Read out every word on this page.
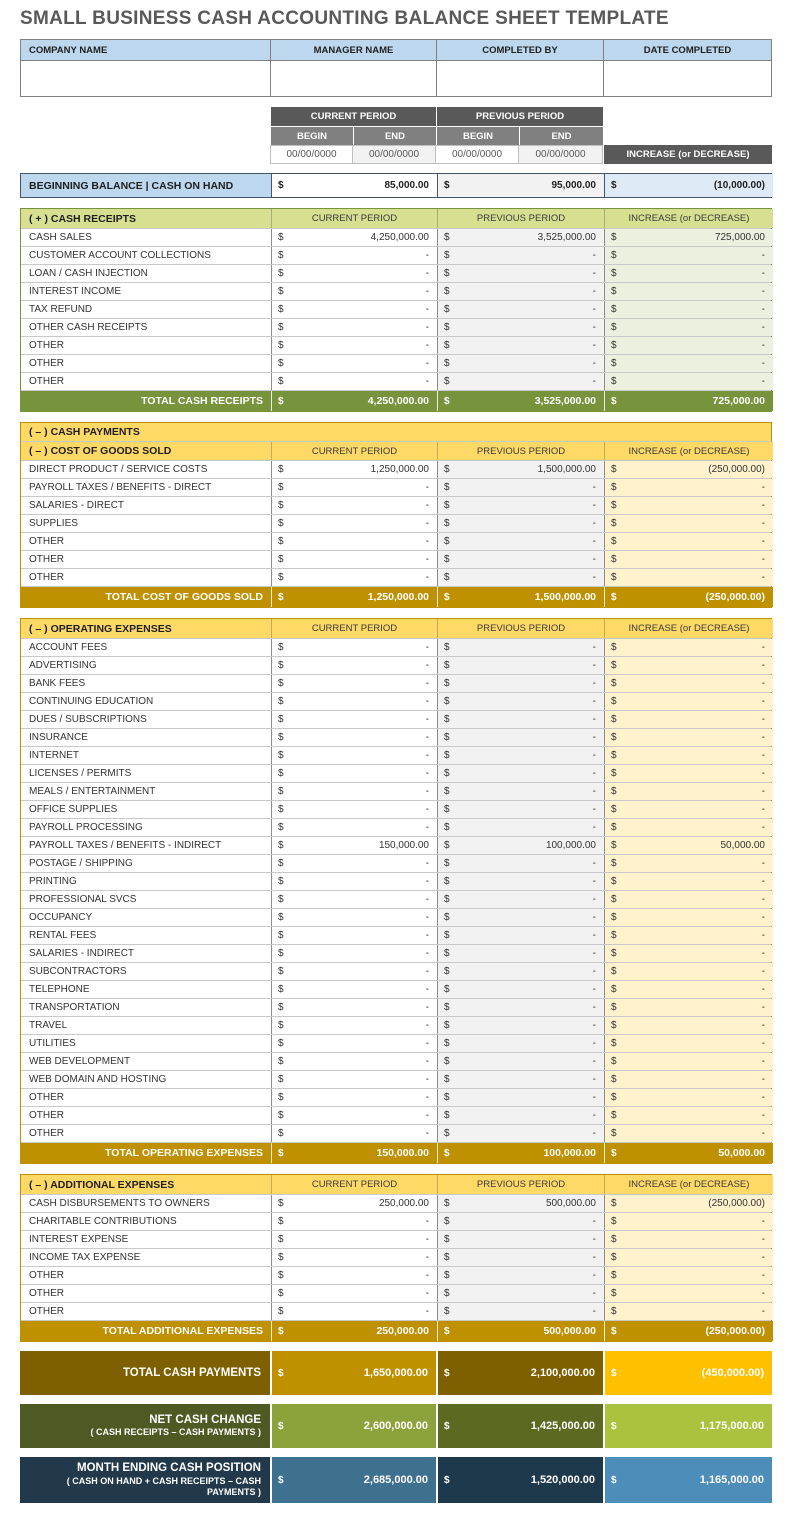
SMALL BUSINESS CASH ACCOUNTING BALANCE SHEET TEMPLATE
COMPANY NAME	MANAGER NAME	COMPLETED BY	DATE COMPLETED
CURRENT PERIOD	PREVIOUS PERIOD
BEGIN	END	BEGIN	END
00/00/0000	00/00/0000	00/00/0000	00/00/0000	INCREASE (or DECREASE)
BEGINNING BALANCE | CASH ON HAND	$	85,000.00 $	95,000.00 $	(10,000.00)
( + ) CASH RECEIPTS	CURRENT PERIOD	PREVIOUS PERIOD	INCREASE (or DECREASE)
CASH SALES	$	4,250,000.00 $	3,525,000.00 $	725,000.00
CUSTOMER ACCOUNT COLLECTIONS	$	- $	- $	-
LOAN / CASH INJECTION	$	- $	- $	-
INTEREST INCOME	$	- $	- $	-
TAX REFUND	$	- $	- $	-
OTHER CASH RECEIPTS	$	- $	- $	-
OTHER	$	- $	- $	-
OTHER	$	- $	- $	-
OTHER	$	- $	- $	-
TOTAL CASH RECEIPTS	$	4,250,000.00 $	3,525,000.00 $	725,000.00
( – ) CASH PAYMENTS
( – ) COST OF GOODS SOLD	CURRENT PERIOD	PREVIOUS PERIOD	INCREASE (or DECREASE)
DIRECT PRODUCT / SERVICE COSTS	$	1,250,000.00 $	1,500,000.00 $	(250,000.00)
PAYROLL TAXES / BENEFITS - DIRECT	$	- $	- $	-
SALARIES - DIRECT	$	- $	- $	-
SUPPLIES	$	- $	- $	-
OTHER	$	- $	- $	-
OTHER	$	- $	- $	-
OTHER	$	- $	- $	-
TOTAL COST OF GOODS SOLD	$	1,250,000.00 $	1,500,000.00 $	(250,000.00)
( – ) OPERATING EXPENSES	CURRENT PERIOD	PREVIOUS PERIOD	INCREASE (or DECREASE)
ACCOUNT FEES	$	- $	- $	-
ADVERTISING	$	- $	- $	-
BANK FEES	$	- $	- $	-
CONTINUING EDUCATION	$	- $	- $	-
DUES / SUBSCRIPTIONS	$	- $	- $	-
INSURANCE	$	- $	- $	-
INTERNET	$	- $	- $	-
LICENSES / PERMITS	$	- $	- $	-
MEALS / ENTERTAINMENT	$	- $	- $	-
OFFICE SUPPLIES	$	- $	- $	-
PAYROLL PROCESSING	$	- $	- $	-
PAYROLL TAXES / BENEFITS - INDIRECT	$	150,000.00 $	100,000.00 $	50,000.00
POSTAGE / SHIPPING	$	- $	- $	-
PRINTING	$	- $	- $	-
PROFESSIONAL SVCS	$	- $	- $	-
OCCUPANCY	$	- $	- $	-
RENTAL FEES	$	- $	- $	-
SALARIES - INDIRECT	$	- $	- $	-
SUBCONTRACTORS	$	- $	- $	-
TELEPHONE	$	- $	- $	-
TRANSPORTATION	$	- $	- $	-
TRAVEL	$	- $	- $	-
UTILITIES	$	- $	- $	-
WEB DEVELOPMENT	$	- $	- $	-
WEB DOMAIN AND HOSTING	$	- $	- $	-
OTHER	$	- $	- $	-
OTHER	$	- $	- $	-
OTHER	$	- $	- $	-
TOTAL OPERATING EXPENSES	$	150,000.00 $	100,000.00 $	50,000.00
( – ) ADDITIONAL EXPENSES	CURRENT PERIOD	PREVIOUS PERIOD	INCREASE (or DECREASE)
CASH DISBURSEMENTS TO OWNERS	$	250,000.00 $	500,000.00 $	(250,000.00)
CHARITABLE CONTRIBUTIONS	$	- $	- $	-
INTEREST EXPENSE	$	- $	- $	-
INCOME TAX EXPENSE	$	- $	- $	-
OTHER	$	- $	- $	-
OTHER	$	- $	- $	-
OTHER	$	- $	- $	-
TOTAL ADDITIONAL EXPENSES	$	250,000.00 $	500,000.00 $	(250,000.00)
TOTAL CASH PAYMENTS $	1,650,000.00 $	2,100,000.00 $	(450,000.00)
NET CASH CHANGE
( CASH RECEIPTS – CASH PAYMENTS )
$	2,600,000.00 $	1,425,000.00 $	1,175,000.00
MONTH ENDING CASH POSITION
( CASH ON HAND + CASH RECEIPTS – CASH PAYMENTS )
$	2,685,000.00 $	1,520,000.00 $	1,165,000.00
